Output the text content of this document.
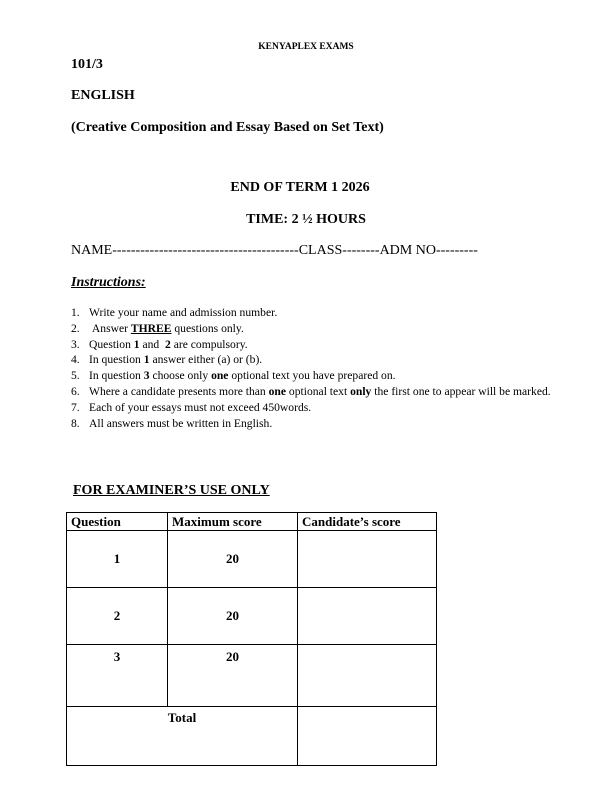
KENYAPLEX EXAMS
101/3
ENGLISH
(Creative Composition and Essay Based on Set Text)
END OF TERM 1 2026
TIME: 2 ½ HOURS
NAME----------------------------------------CLASS--------ADM NO---------
Instructions:
1. Write your name and admission number.
2. Answer THREE questions only.
3. Question 1 and  2 are compulsory.
4. In question 1 answer either (a) or (b).
5. In question 3 choose only one optional text you have prepared on.
6. Where a candidate presents more than one optional text only the first one to appear will be marked.
7. Each of your essays must not exceed 450words.
8. All answers must be written in English.
FOR EXAMINER’S USE ONLY
Question	Maximum score	Candidate’s score
1	20	
2	20	
3	20	
Total		
